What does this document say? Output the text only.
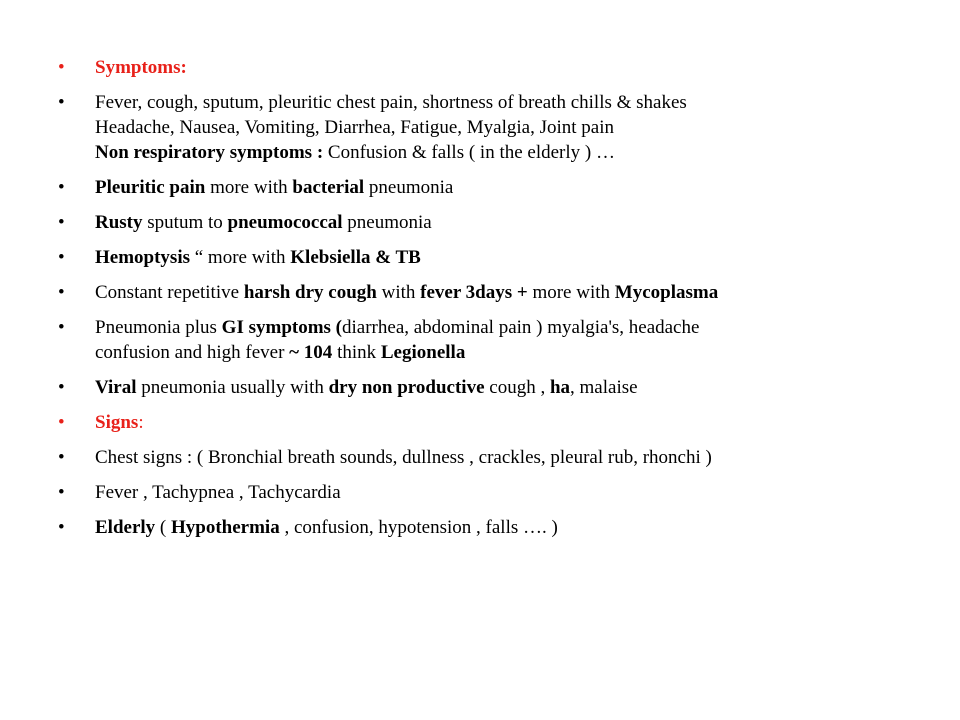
• Symptoms:
• Fever, cough, sputum, pleuritic chest pain, shortness of breath chills & shakes
Headache, Nausea, Vomiting, Diarrhea, Fatigue, Myalgia, Joint pain
Non respiratory symptoms : Confusion & falls ( in the elderly ) …
• Pleuritic pain more with bacterial pneumonia
• Rusty sputum to pneumococcal pneumonia
• Hemoptysis “ more with Klebsiella & TB
• Constant repetitive harsh dry cough with fever 3days + more with Mycoplasma
• Pneumonia plus GI symptoms (diarrhea, abdominal pain ) myalgia's, headache
confusion and high fever ~ 104 think Legionella
• Viral pneumonia usually with dry non productive cough , ha, malaise
• Signs:
• Chest signs : ( Bronchial breath sounds, dullness , crackles, pleural rub, rhonchi )
• Fever , Tachypnea , Tachycardia
• Elderly ( Hypothermia , confusion, hypotension , falls …. )
